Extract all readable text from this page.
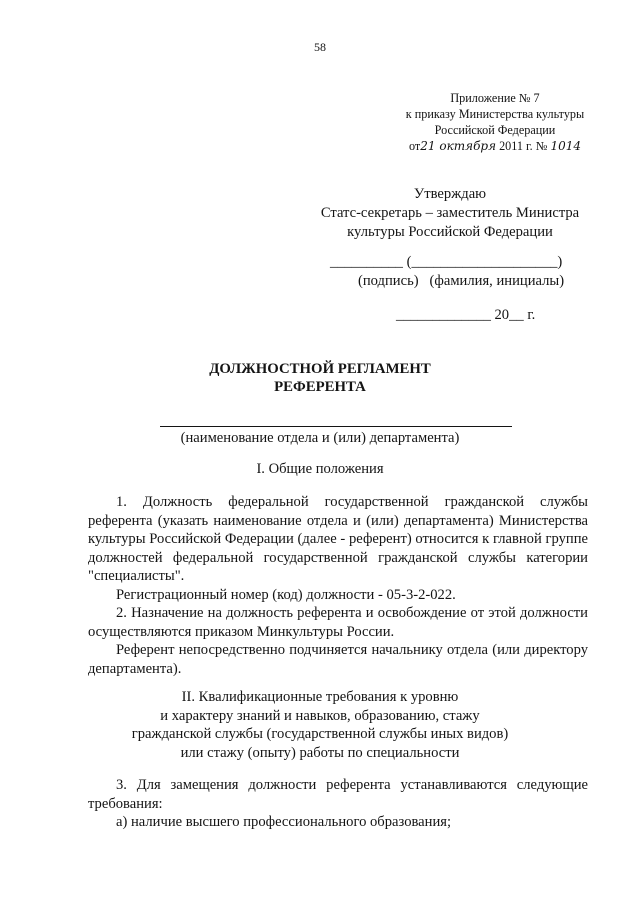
58
Приложение № 7
к приказу Министерства культуры
Российской Федерации
от21 октября 2011 г. № 1014
Утверждаю
Статс-секретарь – заместитель Министра
культуры Российской Федерации
__________ (____________________)
(подпись)   (фамилия, инициалы)
_____________ 20__ г.
ДОЛЖНОСТНОЙ РЕГЛАМЕНТ
РЕФЕРЕНТА
(наименование отдела и (или) департамента)
I. Общие положения

1. Должность федеральной государственной гражданской службы референта (указать наименование отдела и (или) департамента) Министерства культуры Российской Федерации (далее - референт) относится к главной группе должностей федеральной государственной гражданской службы категории "специалисты".

Регистрационный номер (код) должности - 05-3-2-022.

2. Назначение на должность референта и освобождение от этой должности осуществляются приказом Минкультуры России.

Референт непосредственно подчиняется начальнику отдела (или директору департамента).

II. Квалификационные требования к уровню
и характеру знаний и навыков, образованию, стажу
гражданской службы (государственной службы иных видов)
или стажу (опыту) работы по специальности

3. Для замещения должности референта устанавливаются следующие требования:

а) наличие высшего профессионального образования;
